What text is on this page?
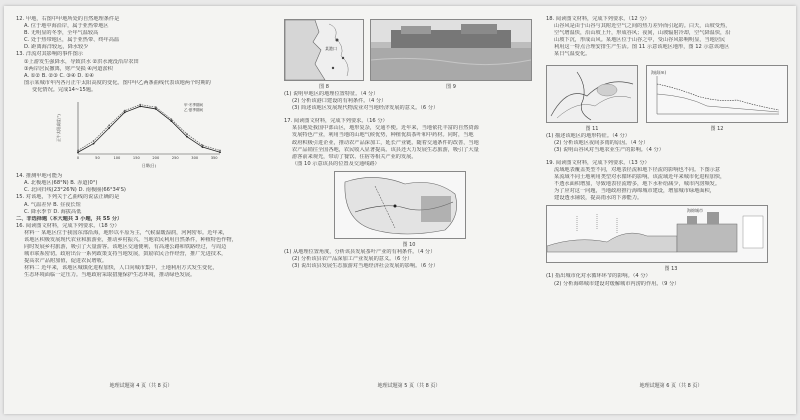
12. 甲地，右图中甲地所处的自然地理条件是
A. 位于地中海沿岸，属于亚热带地区
B. 无明显的冬季，全年气温较高
C. 处于热带地区，属于亚热带、终年高温
D. 距离海洋较远，降水较少
13. 洋流对其影响的事件图示
①上游发生强降水，导致洪水 ②洪水淹没沿岸农田
③两岸居民撤离，财产受损 ④河道淤积
A. ①② B. ②③ C. ③④ D. ①④
图示某城市年内各月正午太阳高度的变化。图中甲乙两条曲线代表该地两个时期的
变化情况。完成14~15题。
0	50	100	150	200	250	300	350
日期(日)
正午太阳高度(°)
甲·冬季期间
乙·夏季期间
14. 推测甲地可能为
A. 北极地区(68°N) B. 赤道(0°)
C. 北回归线(23°26'N) D. 南极圈(66°34'S)
15. 对该地，下列关于乙曲线的说法正确的是
A. 气温差异 B. 昼夜长短
C. 降水季节 D. 海拔高低
二、非选择题（本大题共 3 小题，共 55 分）
16. 阅读图文材料，完成下列要求。（18 分）
材料一 某地区位于我国东部沿海，地形以平原为主，气候温暖湿润，河网密布。近年来，
该地区积极发展现代农业和旅游业，推动乡村振兴。当地农民利用自然条件，种植特色作物，
同时发展乡村旅游，吸引了大量游客。该地区交通便利，有高速公路和铁路经过，与周边
城市联系密切。政府出台一系列政策支持当地发展，鼓励农民合作经营，推广先进技术，
提高农产品附加值，促进农民增收。
材料二 近年来，该地区城镇化进程加快，人口向城市集中，土地利用方式发生变化，
生态环境面临一定压力。当地政府采取措施保护生态环境，推动绿色发展。
地理试题第 4 页（共 8 页）
某港口
图 8	图 9
(1) 说明甲地区的地理位置特征。（4 分）
(2) 分析该港口建设的有利条件。（4 分）
(3) 简述该地区发展现代物流业对当地经济发展的意义。（6 分）
17. 阅读图文材料，完成下列要求。（16 分）
某县地处我国中部山区，地形复杂，交通不便。近年来，当地依托丰富的自然资源
发展特色产业，利用当地的山地气候优势，种植优质茶叶和中药材。同时，当地
政府积极引进企业，推动农产品深加工，延长产业链。随着交通条件的改善，当地
农产品销往全国各地，农民收入显著提高。该县还大力发展生态旅游，吸引了大量
游客前来观光，带动了餐饮、住宿等相关产业的发展。
（图 10 示意该县的位置及交通线路）
图 10
(1) 从地理位置角度，分析该县发展茶叶产业的有利条件。（4 分）
(2) 分析该县农产品深加工产业发展的意义。（6 分）
(3) 说出该县发展生态旅游对当地经济社会发展的影响。（6 分）
地理试题第 5 页（共 8 页）
18. 阅读图文材料，完成下列要求。（12 分）
山谷风是由于山谷与其附近空气之间的热力差异而引起的。白天，山坡受热，
空气增温快，沿山坡上升，形成谷风；夜间，山坡辐射冷却，空气降温快，沿
山坡下沉，形成山风。某地区位于山谷之中，受山谷风影响明显，当地居民
利用这一特点合理安排生产生活。图 11 示意该地区地形，图 12 示意该地区
某日气温变化。
图 11
海拔(m)
图 12
(1) 描述该地区的地形特征。（4 分）
(2) 分析该地区夜间多雨的原因。（4 分）
(3) 说明山谷风对当地农业生产的影响。（4 分）
19. 阅读图文材料，完成下列要求。（13 分）
流域地表覆盖类型不同，对地表径流和地下径流的影响也不同。下图示意
某流域不同土地利用类型对水循环的影响。该流域近年来城市化进程加快，
不透水面积增加，导致地表径流增多，地下水补给减少，城市内涝频发。
为了应对这一问题，当地政府推行海绵城市建设，增加城市绿地面积，
建设透水铺装，提高雨水的下渗能力。
海绵城市
图 13
(1) 指出城市化对水循环环节的影响。（4 分）
(2) 分析海绵城市建设对缓解城市内涝的作用。（9 分）
地理试题第 6 页（共 8 页）
